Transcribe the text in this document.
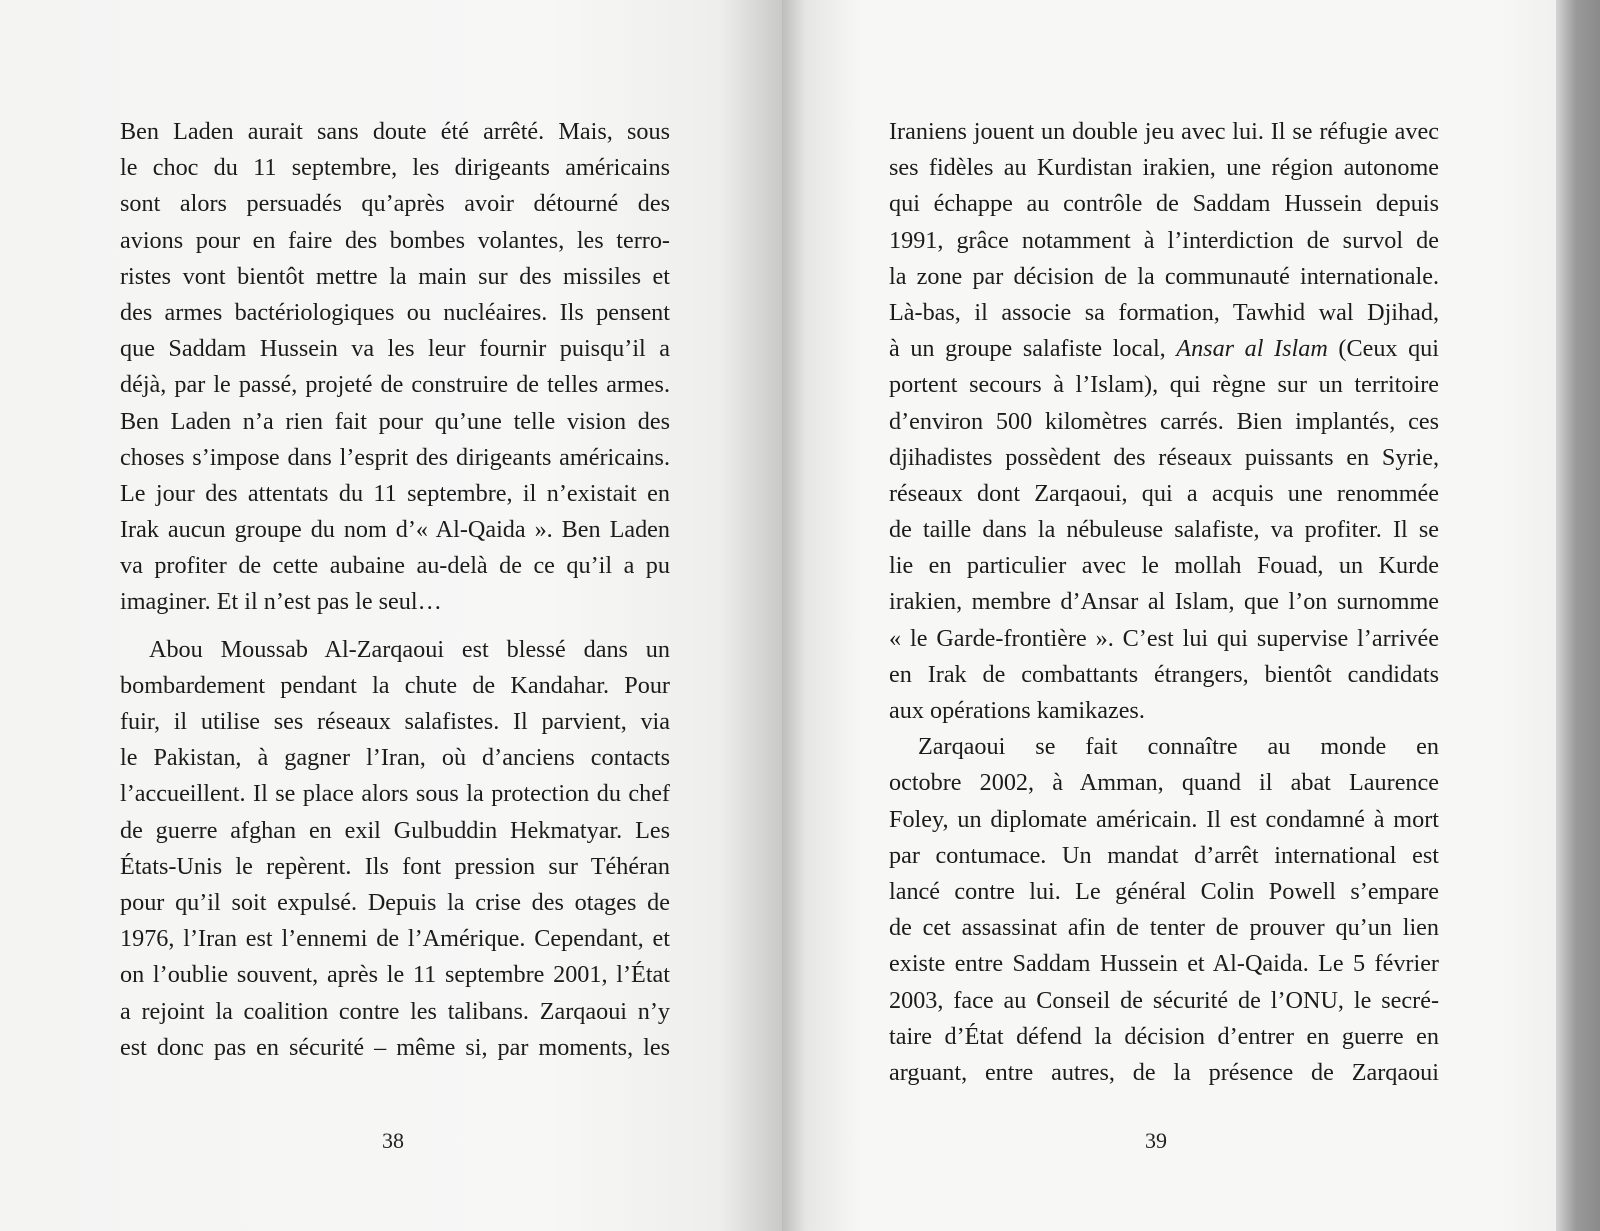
Ben Laden aurait sans doute été arrêté. Mais, sous
le choc du 11 septembre, les dirigeants américains
sont alors persuadés qu’après avoir détourné des
avions pour en faire des bombes volantes, les terro-
ristes vont bientôt mettre la main sur des missiles et
des armes bactériologiques ou nucléaires. Ils pensent
que Saddam Hussein va les leur fournir puisqu’il a
déjà, par le passé, projeté de construire de telles armes.
Ben Laden n’a rien fait pour qu’une telle vision des
choses s’impose dans l’esprit des dirigeants américains.
Le jour des attentats du 11 septembre, il n’existait en
Irak aucun groupe du nom d’« Al-Qaida ». Ben Laden
va profiter de cette aubaine au-delà de ce qu’il a pu
imaginer. Et il n’est pas le seul…
Abou Moussab Al-Zarqaoui est blessé dans un
bombardement pendant la chute de Kandahar. Pour
fuir, il utilise ses réseaux salafistes. Il parvient, via
le Pakistan, à gagner l’Iran, où d’anciens contacts
l’accueillent. Il se place alors sous la protection du chef
de guerre afghan en exil Gulbuddin Hekmatyar. Les
États-Unis le repèrent. Ils font pression sur Téhéran
pour qu’il soit expulsé. Depuis la crise des otages de
1976, l’Iran est l’ennemi de l’Amérique. Cependant, et
on l’oublie souvent, après le 11 septembre 2001, l’État
a rejoint la coalition contre les talibans. Zarqaoui n’y
est donc pas en sécurité – même si, par moments, les
38
Iraniens jouent un double jeu avec lui. Il se réfugie avec
ses fidèles au Kurdistan irakien, une région autonome
qui échappe au contrôle de Saddam Hussein depuis
1991, grâce notamment à l’interdiction de survol de
la zone par décision de la communauté internationale.
Là-bas, il associe sa formation, Tawhid wal Djihad,
à un groupe salafiste local, Ansar al Islam (Ceux qui
portent secours à l’Islam), qui règne sur un territoire
d’environ 500 kilomètres carrés. Bien implantés, ces
djihadistes possèdent des réseaux puissants en Syrie,
réseaux dont Zarqaoui, qui a acquis une renommée
de taille dans la nébuleuse salafiste, va profiter. Il se
lie en particulier avec le mollah Fouad, un Kurde
irakien, membre d’Ansar al Islam, que l’on surnomme
« le Garde-frontière ». C’est lui qui supervise l’arrivée
en Irak de combattants étrangers, bientôt candidats
aux opérations kamikazes.
Zarqaoui se fait connaître au monde en
octobre 2002, à Amman, quand il abat Laurence
Foley, un diplomate américain. Il est condamné à mort
par contumace. Un mandat d’arrêt international est
lancé contre lui. Le général Colin Powell s’empare
de cet assassinat afin de tenter de prouver qu’un lien
existe entre Saddam Hussein et Al-Qaida. Le 5 février
2003, face au Conseil de sécurité de l’ONU, le secré-
taire d’État défend la décision d’entrer en guerre en
arguant, entre autres, de la présence de Zarqaoui
39
